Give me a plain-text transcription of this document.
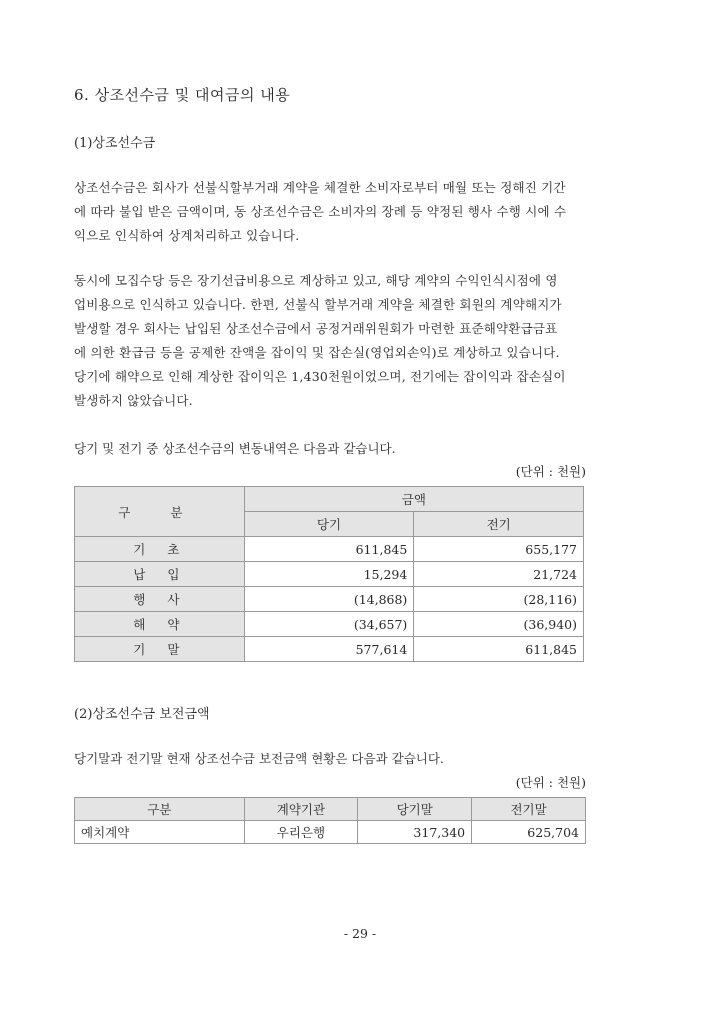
6. 상조선수금 및 대여금의 내용
(1)상조선수금

상조선수금은 회사가 선불식할부거래 계약을 체결한 소비자로부터 매월 또는 정해진 기간

에 따라 불입 받은 금액이며, 동 상조선수금은 소비자의 장례 등 약정된 행사 수행 시에 수

익으로 인식하여 상계처리하고 있습니다.

동시에 모집수당 등은 장기선급비용으로 계상하고 있고, 해당 계약의 수익인식시점에 영

업비용으로 인식하고 있습니다. 한편, 선불식 할부거래 계약을 체결한 회원의 계약해지가

발생할 경우 회사는 납입된 상조선수금에서 공정거래위원회가 마련한 표준해약환급금표

에 의한 환급금 등을 공제한 잔액을 잡이익 및 잡손실(영업외손익)로 계상하고 있습니다.

당기에 해약으로 인해 계상한 잡이익은 1,430천원이었으며, 전기에는 잡이익과 잡손실이

발생하지 않았습니다.

당기 및 전기 중 상조선수금의 변동내역은 다음과 같습니다.
(단위 : 천원)
구 분	금액	
	당기	전기
기초	611,845	655,177
납입	15,294	21,724
행사	(14,868)	(28,116)
해약	(34,657)	(36,940)
기말	577,614	611,845
(2)상조선수금 보전금액
당기말과 전기말 현재 상조선수금 보전금액 현황은 다음과 같습니다.
(단위 : 천원)
구분	계약기관	당기말	전기말
예치계약	우리은행	317,340	625,704
- 29 -
